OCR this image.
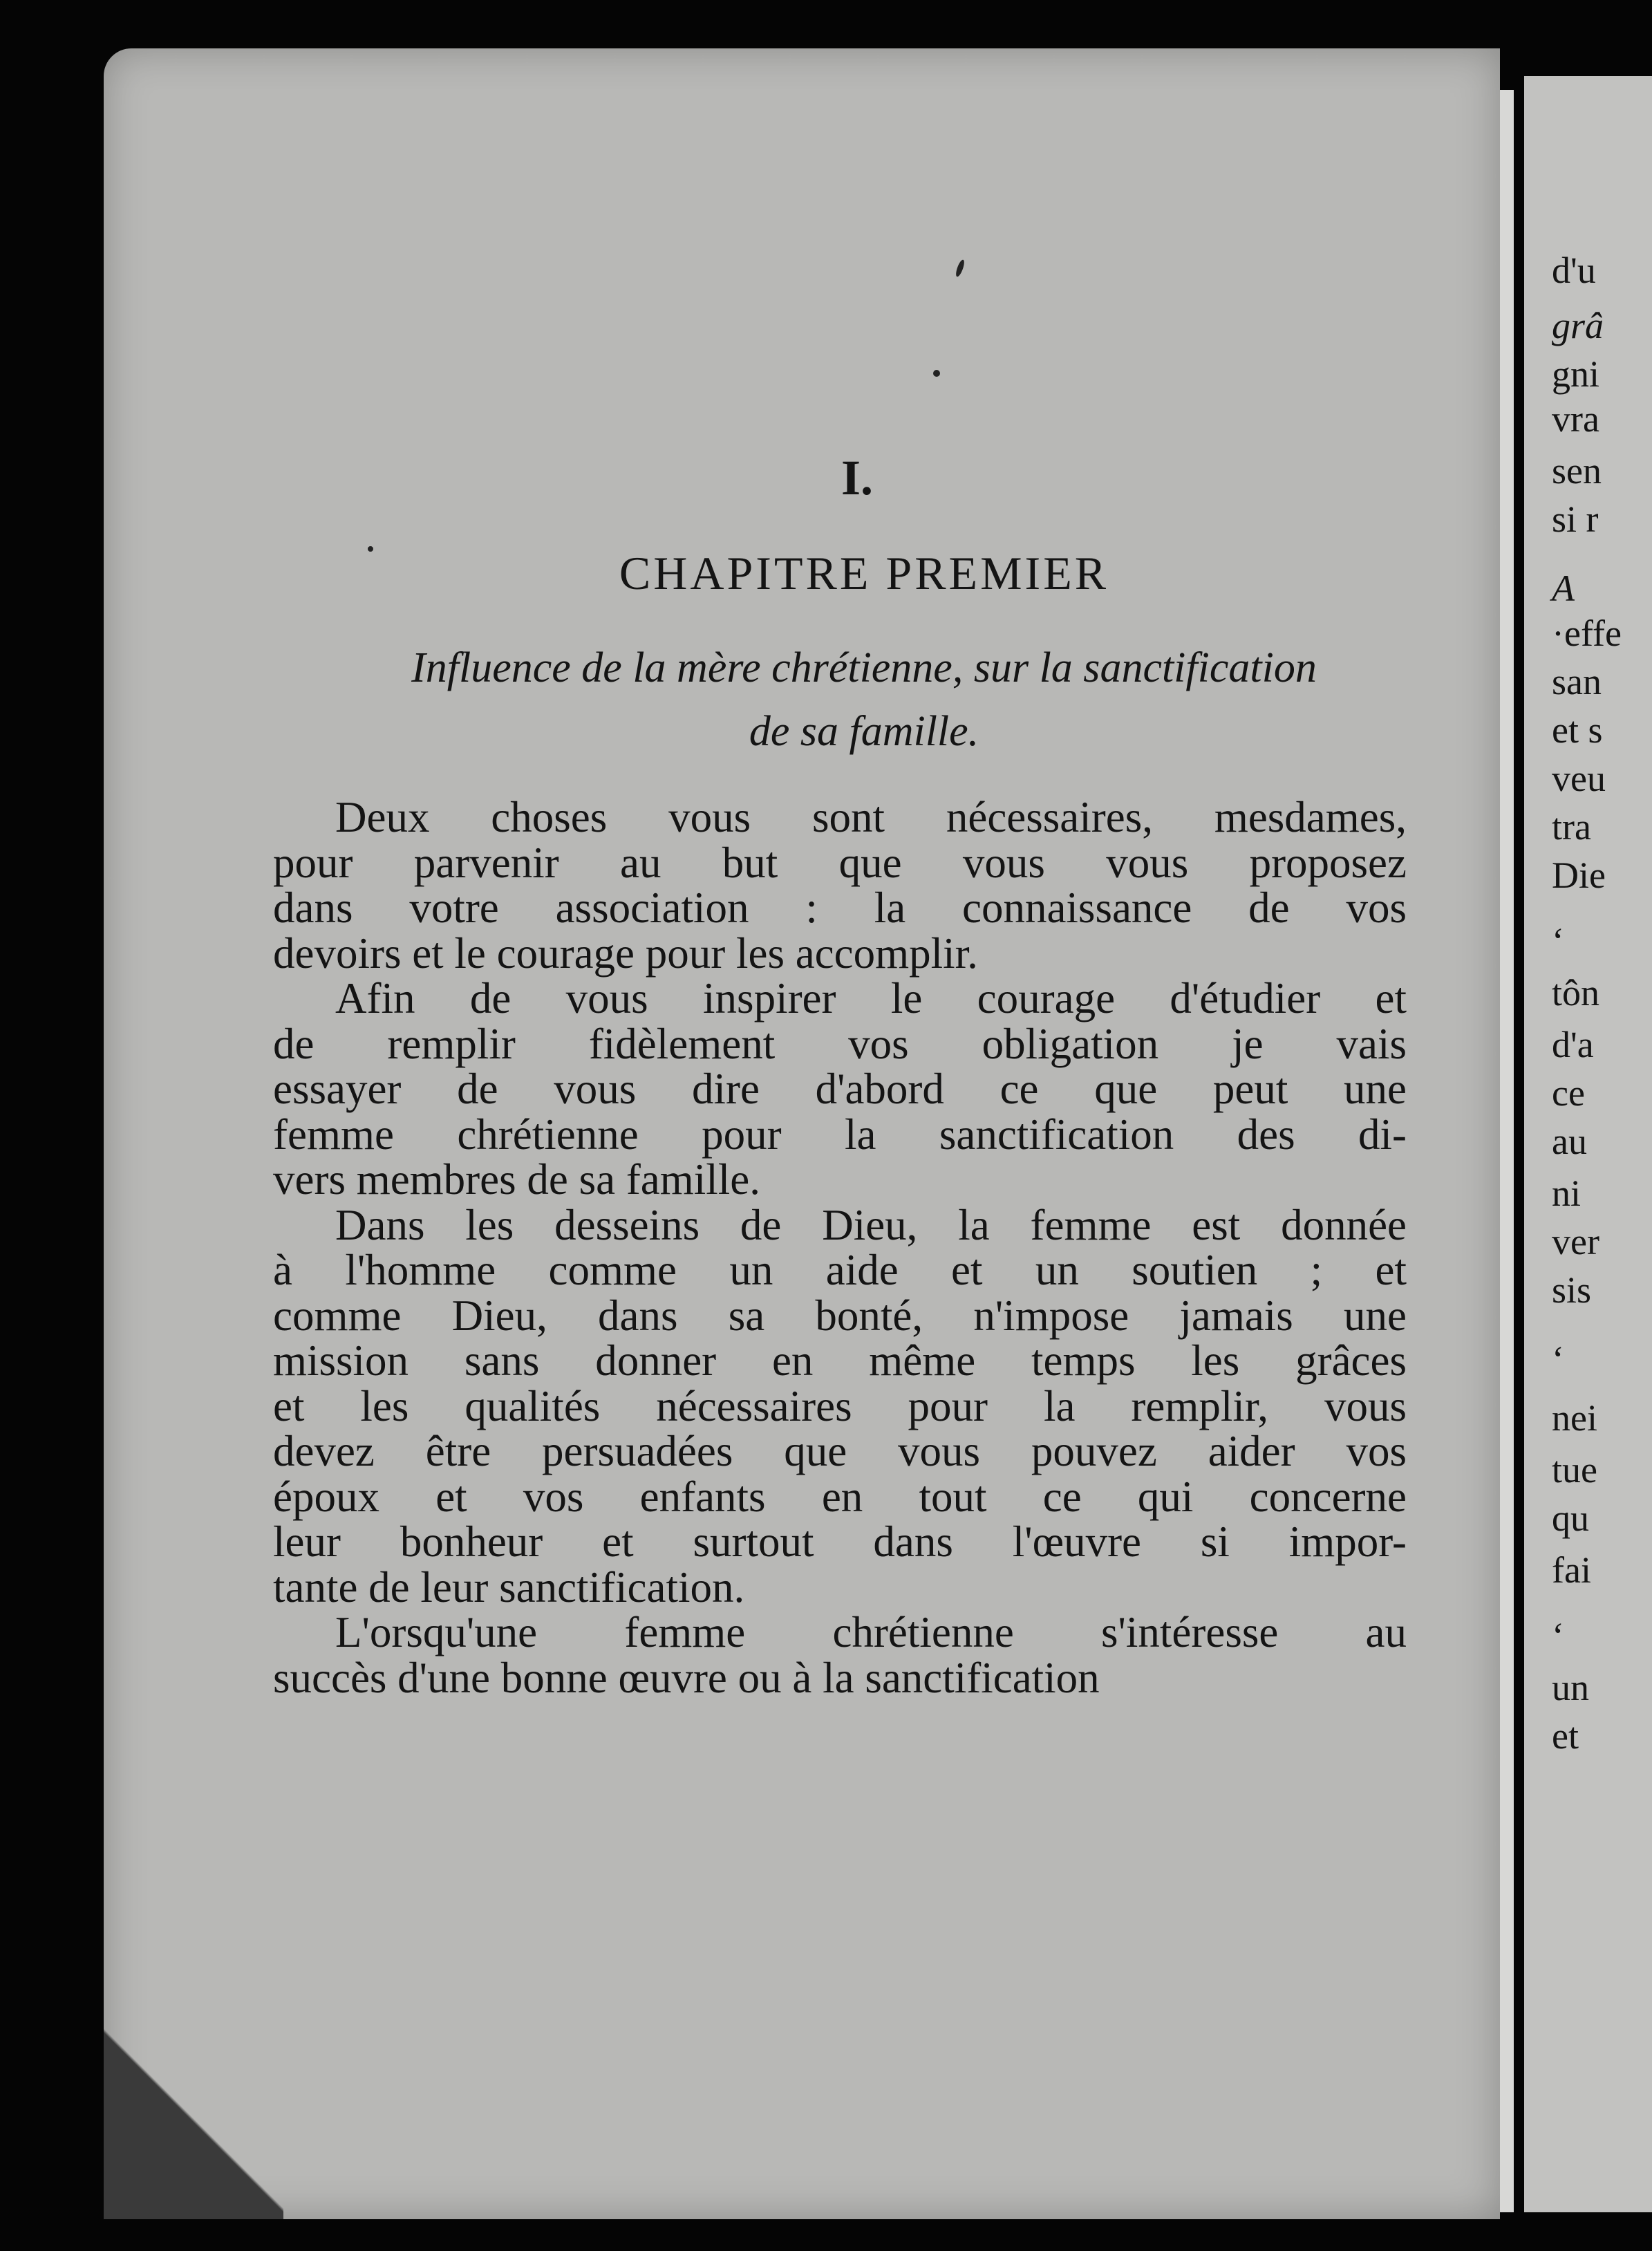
d'u
grâ
gni
vra
sen
si r
A
·effe
san
et s
veu
tra
Die
‘
tôn
d'a
ce
au
ni
ver
sis
‘
nei
tue
qu
fai
‘
un
et
I.
CHAPITRE PREMIER
Influence de la mère chrétienne, sur la sanctification
de sa famille.

Deux choses vous sont nécessaires, mesdames,
pour parvenir au but que vous vous proposez
dans votre association : la connaissance de vos
devoirs et le courage pour les accomplir.

Afin de vous inspirer le courage d'étudier et
de remplir fidèlement vos obligation je vais
essayer de vous dire d'abord ce que peut une
femme chrétienne pour la sanctification des di-
vers membres de sa famille.

Dans les desseins de Dieu, la femme est donnée
à l'homme comme un aide et un soutien ; et
comme Dieu, dans sa bonté, n'impose jamais une
mission sans donner en même temps les grâces
et les qualités nécessaires pour la remplir, vous
devez être persuadées que vous pouvez aider vos
époux et vos enfants en tout ce qui concerne
leur bonheur et surtout dans l'œuvre si impor-
tante de leur sanctification.

L'orsqu'une femme chrétienne s'intéresse au
succès d'une bonne œuvre ou à la sanctification
